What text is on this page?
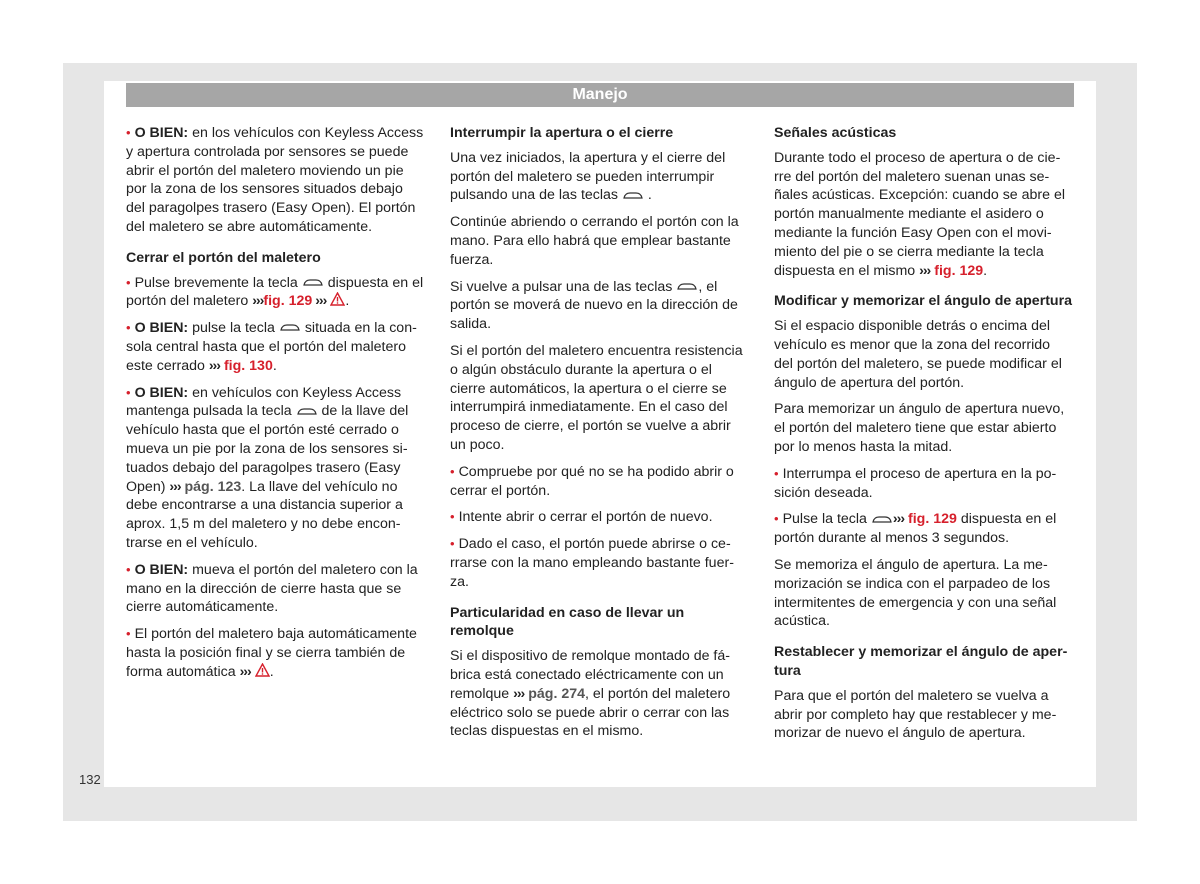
Manejo

• O BIEN: en los vehículos con Keyless Access y apertura controlada por sensores se puede abrir el portón del maletero moviendo un pie por la zona de los sensores situados debajo del paragolpes trasero (Easy Open). El portón del maletero se abre automáticamente.

Cerrar el portón del maletero

• Pulse brevemente la tecla  dispuesta en el portón del maletero ›››fig. 129 ››› .

• O BIEN: pulse la tecla  situada en la consola central hasta que el portón del maletero este cerrado ››› fig. 130.

• O BIEN: en vehículos con Keyless Access mantenga pulsada la tecla  de la llave del vehículo hasta que el portón esté cerrado o mueva un pie por la zona de los sensores situados debajo del paragolpes trasero (Easy Open) ››› pág. 123. La llave del vehículo no debe encontrarse a una distancia superior a aprox. 1,5 m del maletero y no debe encontrarse en el vehículo.

• O BIEN: mueva el portón del maletero con la mano en la dirección de cierre hasta que se cierre automáticamente.

• El portón del maletero baja automáticamente hasta la posición final y se cierra también de forma automática ››› .

Interrumpir la apertura o el cierre

Una vez iniciados, la apertura y el cierre del portón del maletero se pueden interrumpir pulsando una de las teclas  .

Continúe abriendo o cerrando el portón con la mano. Para ello habrá que emplear bastante fuerza.

Si vuelve a pulsar una de las teclas , el portón se moverá de nuevo en la dirección de salida.

Si el portón del maletero encuentra resistencia o algún obstáculo durante la apertura o el cierre automáticos, la apertura o el cierre se interrumpirá inmediatamente. En el caso del proceso de cierre, el portón se vuelve a abrir un poco.

• Compruebe por qué no se ha podido abrir o cerrar el portón.

• Intente abrir o cerrar el portón de nuevo.

• Dado el caso, el portón puede abrirse o cerrarse con la mano empleando bastante fuerza.

Particularidad en caso de llevar un remolque

Si el dispositivo de remolque montado de fábrica está conectado eléctricamente con un remolque ››› pág. 274, el portón del maletero eléctrico solo se puede abrir o cerrar con las teclas dispuestas en el mismo.

Señales acústicas

Durante todo el proceso de apertura o de cierre del portón del maletero suenan unas señales acústicas. Excepción: cuando se abre el portón manualmente mediante el asidero o mediante la función Easy Open con el movimiento del pie o se cierra mediante la tecla dispuesta en el mismo ››› fig. 129.

Modificar y memorizar el ángulo de apertura

Si el espacio disponible detrás o encima del vehículo es menor que la zona del recorrido del portón del maletero, se puede modificar el ángulo de apertura del portón.

Para memorizar un ángulo de apertura nuevo, el portón del maletero tiene que estar abierto por lo menos hasta la mitad.

• Interrumpa el proceso de apertura en la posición deseada.

• Pulse la tecla ››› fig. 129 dispuesta en el portón durante al menos 3 segundos.

Se memoriza el ángulo de apertura. La memorización se indica con el parpadeo de los intermitentes de emergencia y con una señal acústica.

Restablecer y memorizar el ángulo de apertura

Para que el portón del maletero se vuelva a abrir por completo hay que restablecer y memorizar de nuevo el ángulo de apertura.

132
